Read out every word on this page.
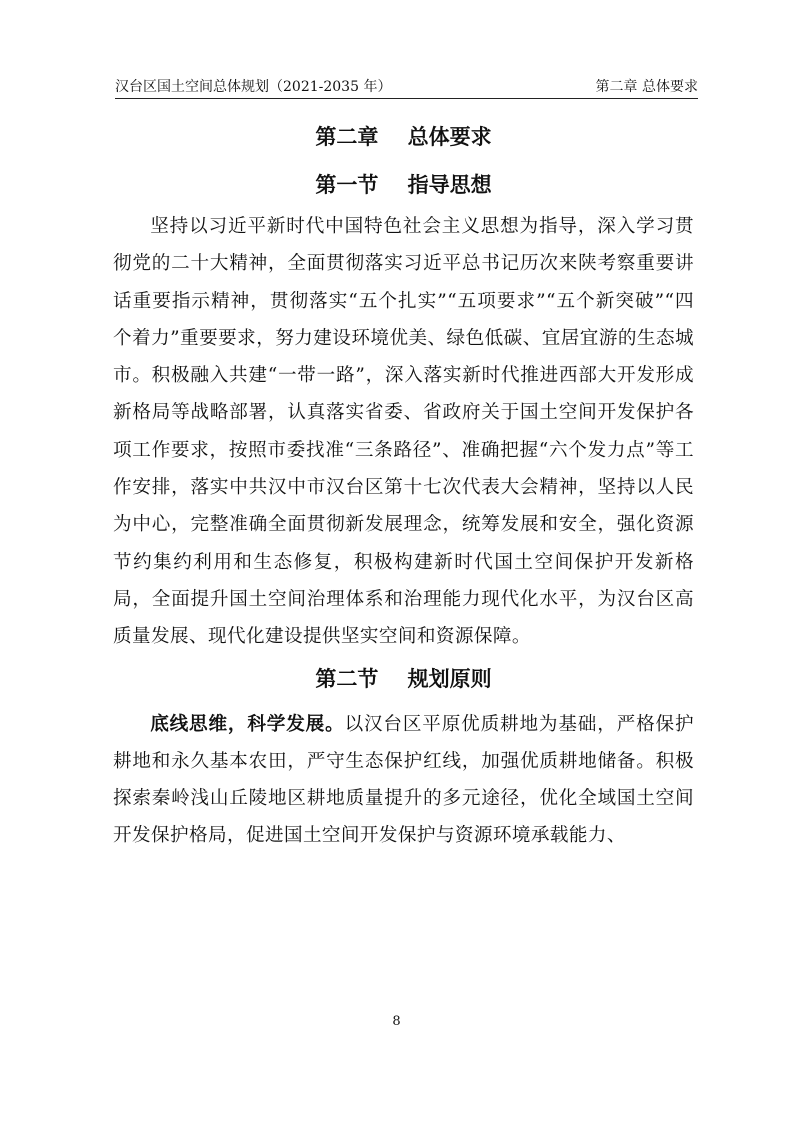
汉台区国土空间总体规划（2021-2035 年）	第二章 总体要求
第二章    总体要求
第一节    指导思想

坚持以习近平新时代中国特色社会主义思想为指导，深入学习贯彻党的二十大精神，全面贯彻落实习近平总书记历次来陕考察重要讲话重要指示精神，贯彻落实“五个扎实”“五项要求”“五个新突破”“四个着力”重要要求，努力建设环境优美、绿色低碳、宜居宜游的生态城市。积极融入共建“一带一路”，深入落实新时代推进西部大开发形成新格局等战略部署，认真落实省委、省政府关于国土空间开发保护各项工作要求，按照市委找准“三条路径”、准确把握“六个发力点”等工作安排，落实中共汉中市汉台区第十七次代表大会精神，坚持以人民为中心，完整准确全面贯彻新发展理念，统筹发展和安全，强化资源节约集约利用和生态修复，积极构建新时代国土空间保护开发新格局，全面提升国土空间治理体系和治理能力现代化水平，为汉台区高质量发展、现代化建设提供坚实空间和资源保障。

第二节    规划原则

底线思维，科学发展。以汉台区平原优质耕地为基础，严格保护耕地和永久基本农田，严守生态保护红线，加强优质耕地储备。积极探索秦岭浅山丘陵地区耕地质量提升的多元途径，优化全域国土空间开发保护格局，促进国土空间开发保护与资源环境承载能力、

8
